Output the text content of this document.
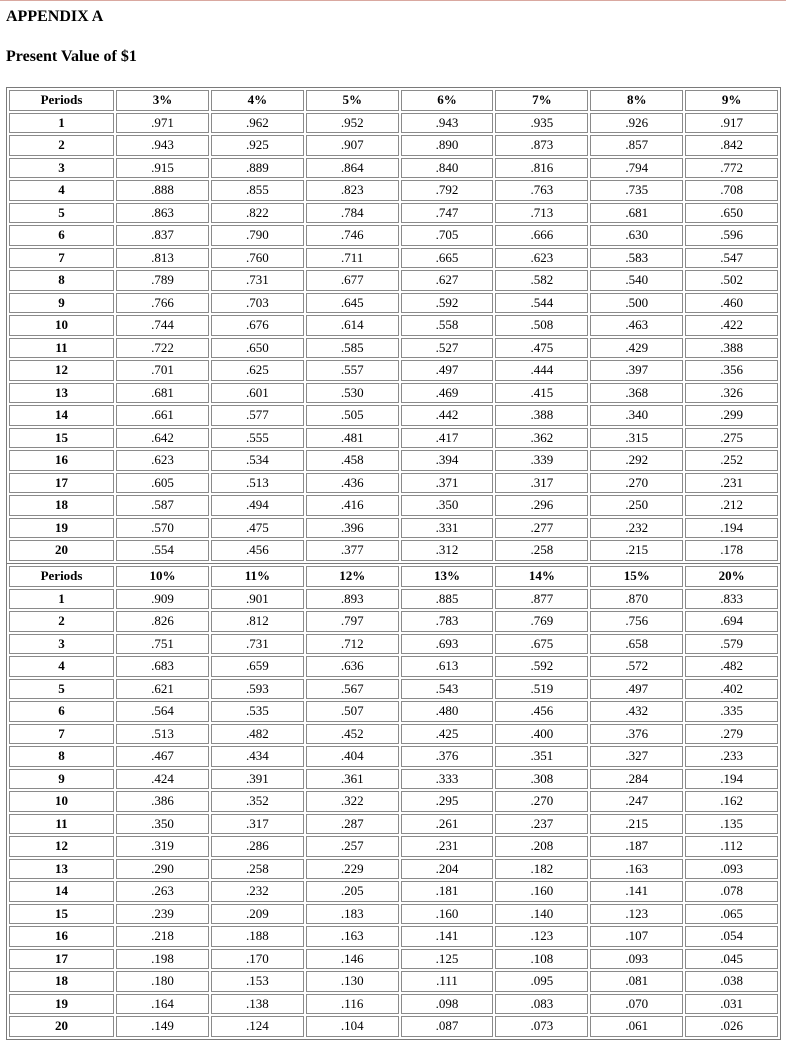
APPENDIX A
Present Value of $1
Periods	3%	4%	5%	6%	7%	8%	9%
1	.971	.962	.952	.943	.935	.926	.917
2	.943	.925	.907	.890	.873	.857	.842
3	.915	.889	.864	.840	.816	.794	.772
4	.888	.855	.823	.792	.763	.735	.708
5	.863	.822	.784	.747	.713	.681	.650
6	.837	.790	.746	.705	.666	.630	.596
7	.813	.760	.711	.665	.623	.583	.547
8	.789	.731	.677	.627	.582	.540	.502
9	.766	.703	.645	.592	.544	.500	.460
10	.744	.676	.614	.558	.508	.463	.422
11	.722	.650	.585	.527	.475	.429	.388
12	.701	.625	.557	.497	.444	.397	.356
13	.681	.601	.530	.469	.415	.368	.326
14	.661	.577	.505	.442	.388	.340	.299
15	.642	.555	.481	.417	.362	.315	.275
16	.623	.534	.458	.394	.339	.292	.252
17	.605	.513	.436	.371	.317	.270	.231
18	.587	.494	.416	.350	.296	.250	.212
19	.570	.475	.396	.331	.277	.232	.194
20	.554	.456	.377	.312	.258	.215	.178
Periods	10%	11%	12%	13%	14%	15%	20%
1	.909	.901	.893	.885	.877	.870	.833
2	.826	.812	.797	.783	.769	.756	.694
3	.751	.731	.712	.693	.675	.658	.579
4	.683	.659	.636	.613	.592	.572	.482
5	.621	.593	.567	.543	.519	.497	.402
6	.564	.535	.507	.480	.456	.432	.335
7	.513	.482	.452	.425	.400	.376	.279
8	.467	.434	.404	.376	.351	.327	.233
9	.424	.391	.361	.333	.308	.284	.194
10	.386	.352	.322	.295	.270	.247	.162
11	.350	.317	.287	.261	.237	.215	.135
12	.319	.286	.257	.231	.208	.187	.112
13	.290	.258	.229	.204	.182	.163	.093
14	.263	.232	.205	.181	.160	.141	.078
15	.239	.209	.183	.160	.140	.123	.065
16	.218	.188	.163	.141	.123	.107	.054
17	.198	.170	.146	.125	.108	.093	.045
18	.180	.153	.130	.111	.095	.081	.038
19	.164	.138	.116	.098	.083	.070	.031
20	.149	.124	.104	.087	.073	.061	.026
